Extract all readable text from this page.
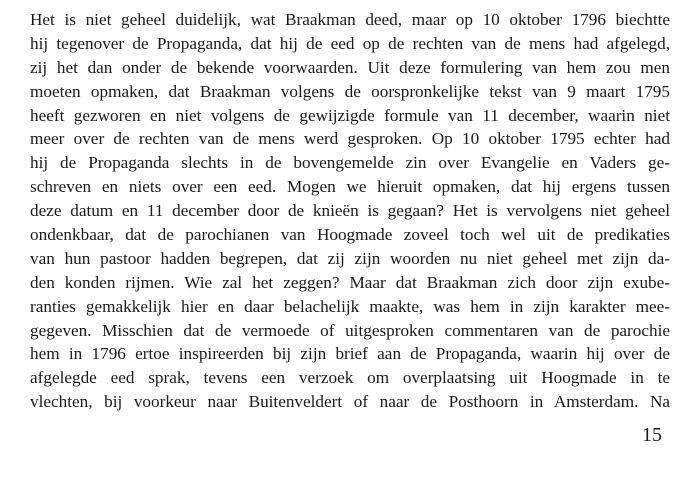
Het is niet geheel duidelijk, wat Braakman deed, maar op 10 oktober 1796 biechtte
hij tegenover de Propaganda, dat hij de eed op de rechten van de mens had afgelegd,
zij het dan onder de bekende voorwaarden. Uit deze formulering van hem zou men
moeten opmaken, dat Braakman volgens de oorspronkelijke tekst van 9 maart 1795
heeft gezworen en niet volgens de gewijzigde formule van 11 december, waarin niet
meer over de rechten van de mens werd gesproken. Op 10 oktober 1795 echter had
hij de Propaganda slechts in de bovengemelde zin over Evangelie en Vaders ge-
schreven en niets over een eed. Mogen we hieruit opmaken, dat hij ergens tussen
deze datum en 11 december door de knieën is gegaan? Het is vervolgens niet geheel
ondenkbaar, dat de parochianen van Hoogmade zoveel toch wel uit de predikaties
van hun pastoor hadden begrepen, dat zij zijn woorden nu niet geheel met zijn da-
den konden rijmen. Wie zal het zeggen? Maar dat Braakman zich door zijn exube-
ranties gemakkelijk hier en daar belachelijk maakte, was hem in zijn karakter mee-
gegeven. Misschien dat de vermoede of uitgesproken commentaren van de parochie
hem in 1796 ertoe inspireerden bij zijn brief aan de Propaganda, waarin hij over de
afgelegde eed sprak, tevens een verzoek om overplaatsing uit Hoogmade in te
vlechten, bij voorkeur naar Buitenveldert of naar de Posthoorn in Amsterdam. Na
15
